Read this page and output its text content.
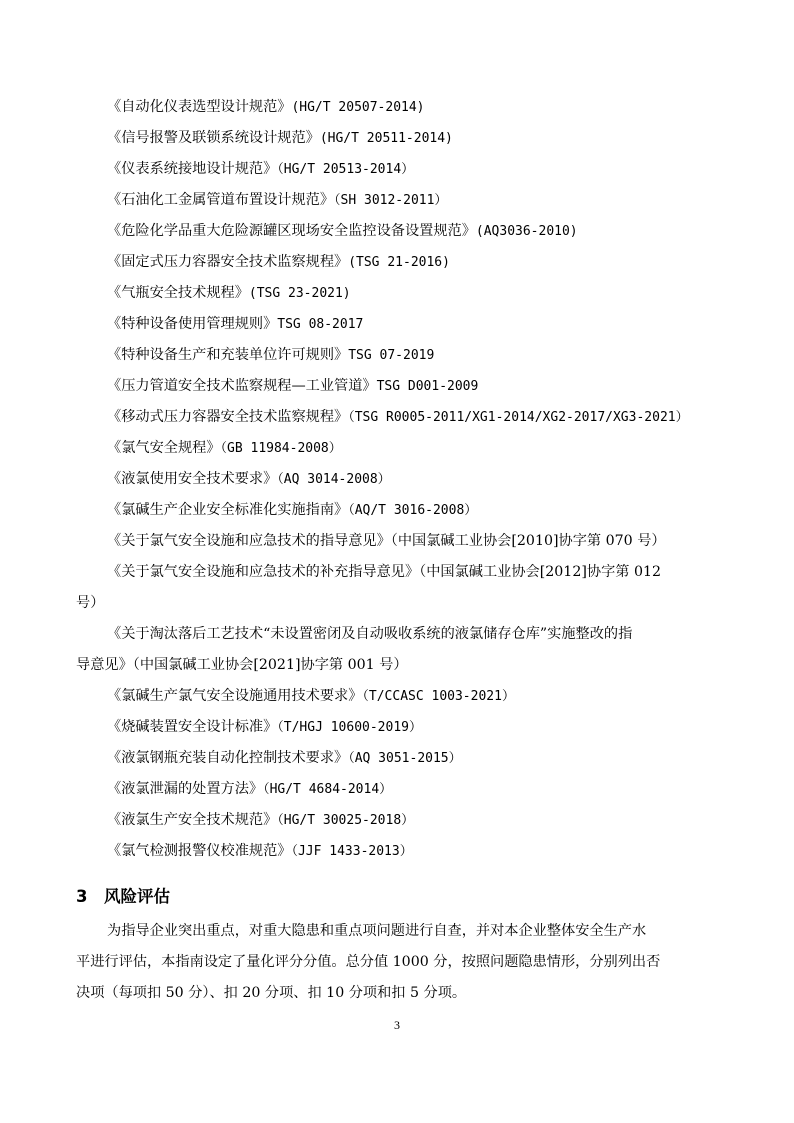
《自动化仪表选型设计规范》(HG/T 20507-2014)
《信号报警及联锁系统设计规范》(HG/T 20511-2014)
《仪表系统接地设计规范》（HG/T 20513-2014）
《石油化工金属管道布置设计规范》（SH 3012-2011）
《危险化学品重大危险源罐区现场安全监控设备设置规范》(AQ3036-2010)
《固定式压力容器安全技术监察规程》(TSG 21-2016)
《气瓶安全技术规程》(TSG 23-2021)
《特种设备使用管理规则》TSG 08-2017
《特种设备生产和充装单位许可规则》TSG 07-2019
《压力管道安全技术监察规程—工业管道》TSG D001-2009
《移动式压力容器安全技术监察规程》（TSG R0005-2011/XG1-2014/XG2-2017/XG3-2021）
《氯气安全规程》（GB 11984-2008）
《液氯使用安全技术要求》（AQ 3014-2008）
《氯碱生产企业安全标准化实施指南》（AQ/T 3016-2008）
《关于氯气安全设施和应急技术的指导意见》（中国氯碱工业协会[2010]协字第 070 号）
《关于氯气安全设施和应急技术的补充指导意见》（中国氯碱工业协会[2012]协字第 012
号）
《关于淘汰落后工艺技术“未设置密闭及自动吸收系统的液氯储存仓库”实施整改的指
导意见》（中国氯碱工业协会[2021]协字第 001 号）
《氯碱生产氯气安全设施通用技术要求》（T/CCASC 1003-2021）
《烧碱装置安全设计标准》（T/HGJ 10600-2019）
《液氯钢瓶充装自动化控制技术要求》（AQ 3051-2015）
《液氯泄漏的处置方法》（HG/T 4684-2014）
《液氯生产安全技术规范》（HG/T 30025-2018）
《氯气检测报警仪校准规范》（JJF 1433-2013）
3 风险评估
为指导企业突出重点，对重大隐患和重点项问题进行自查，并对本企业整体安全生产水
平进行评估，本指南设定了量化评分分值。总分值 1000 分，按照问题隐患情形，分别列出否
决项（每项扣 50 分）、扣 20 分项、扣 10 分项和扣 5 分项。
3
